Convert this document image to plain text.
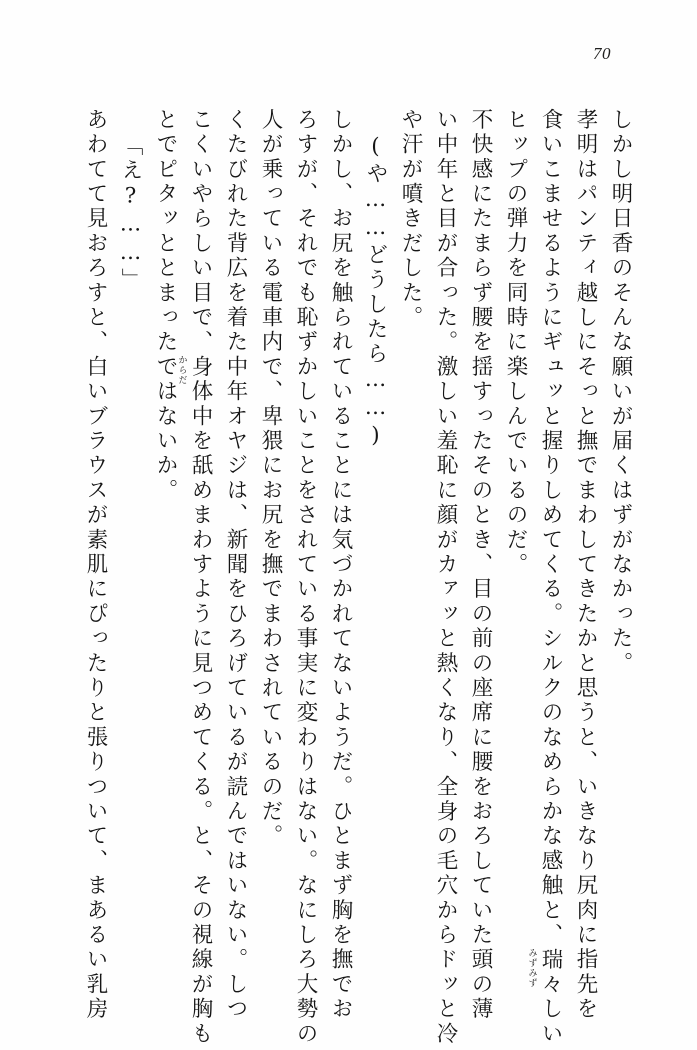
70
しかし明日香のそんな願いが届くはずがなかった。
孝明はパンティ越しにそっと撫でまわしてきたかと思うと、いきなり尻肉に指先を
食いこませるようにギュッと握りしめてくる。シルクのなめらかな感触と、瑞々
みずみず
しい
ヒップの弾力を同時に楽しんでいるのだ。
不快感にたまらず腰を揺すったそのとき、目の前の座席に腰をおろしていた頭の薄
い中年と目が合った。激しい羞恥に顔がカァッと熱くなり、全身の毛穴からドッと冷
や汗が噴きだした。
(や……どうしたら……)
しかし、お尻を触られていることには気づかれてないようだ。ひとまず胸を撫でお
ろすが、それでも恥ずかしいことをされている事実に変わりはない。なにしろ大勢の
人が乗っている電車内で、卑猥にお尻を撫でまわされているのだ。
くたびれた背広を着た中年オヤジは、新聞をひろげているが読んではいない。しつ
こくいやらしい目で、身体
からだ
中を舐めまわすように見つめてくる。と、その視線が胸も
とでピタッととまったではないか。
「え?……」
あわてて見おろすと、白いブラウスが素肌にぴったりと張りついて、まあるい乳房
